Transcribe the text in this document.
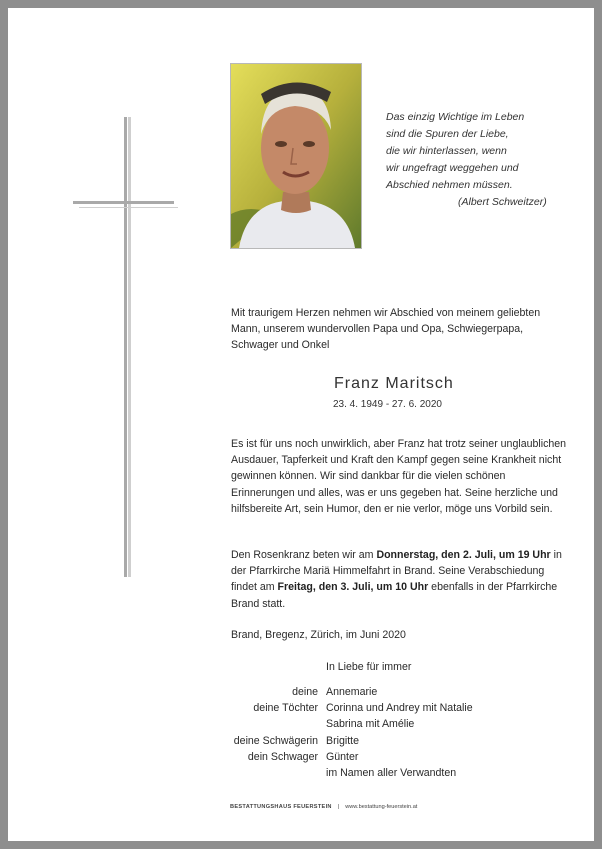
Das einzig Wichtige im Leben
sind die Spuren der Liebe,
die wir hinterlassen, wenn
wir ungefragt weggehen und
Abschied nehmen müssen.
(Albert Schweitzer)
Mit traurigem Herzen nehmen wir Abschied von meinem geliebten Mann, unserem wundervollen Papa und Opa, Schwiegerpapa, Schwager und Onkel
Franz Maritsch
23. 4. 1949 - 27. 6. 2020
Es ist für uns noch unwirklich, aber Franz hat trotz seiner unglaublichen Ausdauer, Tapferkeit und Kraft den Kampf gegen seine Krankheit nicht gewinnen können. Wir sind dankbar für die vielen schönen Erinnerungen und alles, was er uns gegeben hat. Seine herzliche und hilfsbereite Art, sein Humor, den er nie verlor, möge uns Vorbild sein.
Den Rosenkranz beten wir am Donnerstag, den 2. Juli, um 19 Uhr in der Pfarrkirche Mariä Himmelfahrt in Brand. Seine Verabschiedung findet am Freitag, den 3. Juli, um 10 Uhr ebenfalls in der Pfarrkirche Brand statt.
Brand, Bregenz, Zürich, im Juni 2020
In Liebe für immer
deine Annemarie
deine Töchter Corinna und Andrey mit Natalie
Sabrina mit Amélie
deine Schwägerin Brigitte
dein Schwager Günter
im Namen aller Verwandten
BESTATTUNGSHAUS FEUERSTEIN | www.bestattung-feuerstein.at
